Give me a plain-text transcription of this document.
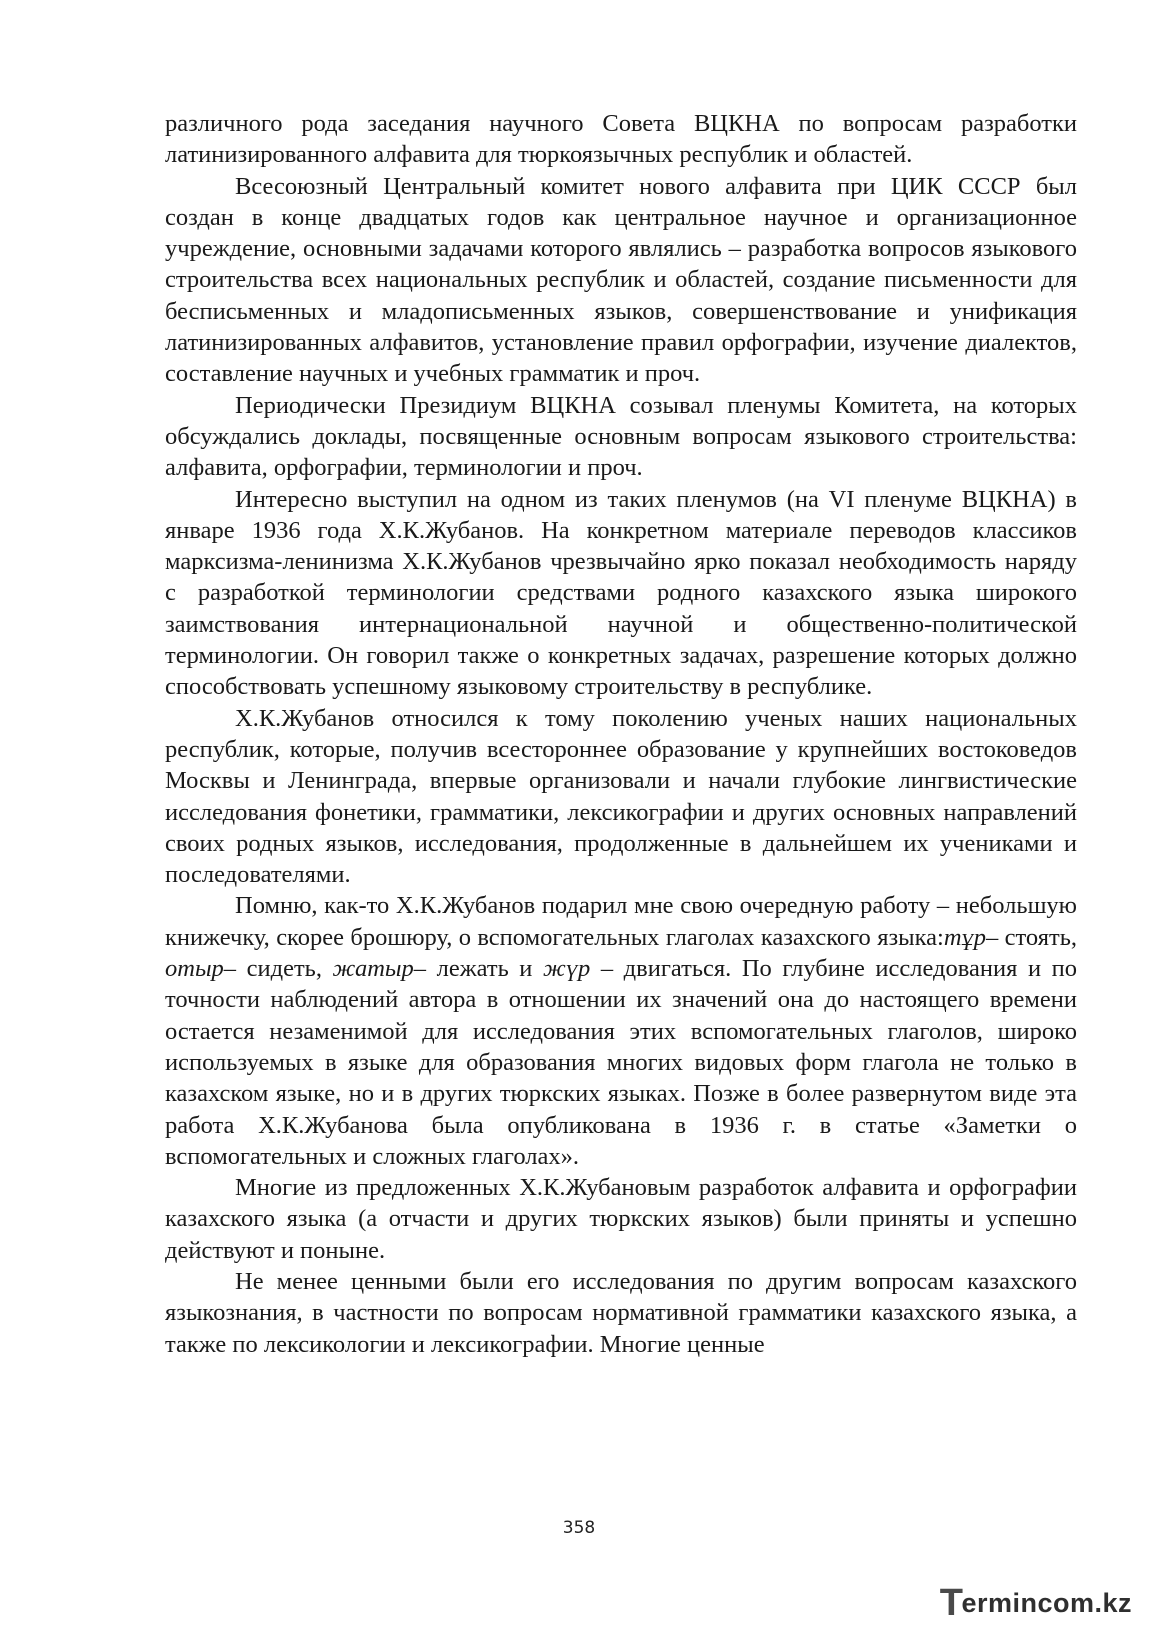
различного рода заседания научного Совета ВЦКНА по вопросам разработки латинизированного алфавита для тюркоязычных республик и областей.

Всесоюзный Центральный комитет нового алфавита при ЦИК СССР был создан в конце двадцатых годов как центральное научное и организационное учреждение, основными задачами которого являлись – разработка вопросов языкового строительства всех национальных республик и областей, создание письменности для бесписьменных и младописьменных языков, совершенствование и унификация латинизированных алфавитов, установление правил орфографии, изучение диалектов, составление научных и учебных грамматик и проч.

Периодически Президиум ВЦКНА созывал пленумы Комитета, на которых обсуждались доклады, посвященные основным вопросам языкового строительства: алфавита, орфографии, терминологии и проч.

Интересно выступил на одном из таких пленумов (на VI пленуме ВЦКНА) в январе 1936 года Х.К.Жубанов. На конкретном материале переводов классиков марксизма-ленинизма Х.К.Жубанов чрезвычайно ярко показал необходимость наряду с разработкой терминологии средствами родного казахского языка широкого заимствования интернациональной научной и общественно-политической терминологии. Он говорил также о конкретных задачах, разрешение которых должно способствовать успешному языковому строительству в республике.

Х.К.Жубанов относился к тому поколению ученых наших национальных республик, которые, получив всестороннее образование у крупнейших востоковедов Москвы и Ленинграда, впервые организовали и начали глубокие лингвистические исследования фонетики, грамматики, лексикографии и других основных направлений своих родных языков, исследования, продолженные в дальнейшем их учениками и последователями.

Помню, как-то Х.К.Жубанов подарил мне свою очередную работу – небольшую книжечку, скорее брошюру, о вспомогательных глаголах казахского языка:тұр– стоять, отыр– сидеть, жатыр– лежать и жүр – двигаться. По глубине исследования и по точности наблюдений автора в отношении их значений она до настоящего времени остается незаменимой для исследования этих вспомогательных глаголов, широко используемых в языке для образования многих видовых форм глагола не только в казахском языке, но и в других тюркских языках. Позже в более развернутом виде эта работа Х.К.Жубанова была опубликована в 1936 г. в статье «Заметки о вспомогательных и сложных глаголах».

Многие из предложенных Х.К.Жубановым разработок алфавита и орфографии казахского языка (а отчасти и других тюркских языков) были приняты и успешно действуют и поныне.

Не менее ценными были его исследования по другим вопросам казахского языкознания, в частности по вопросам нормативной грамматики казахского языка, а также по лексикологии и лексикографии. Многие ценные

358
T
ermincom.kz
